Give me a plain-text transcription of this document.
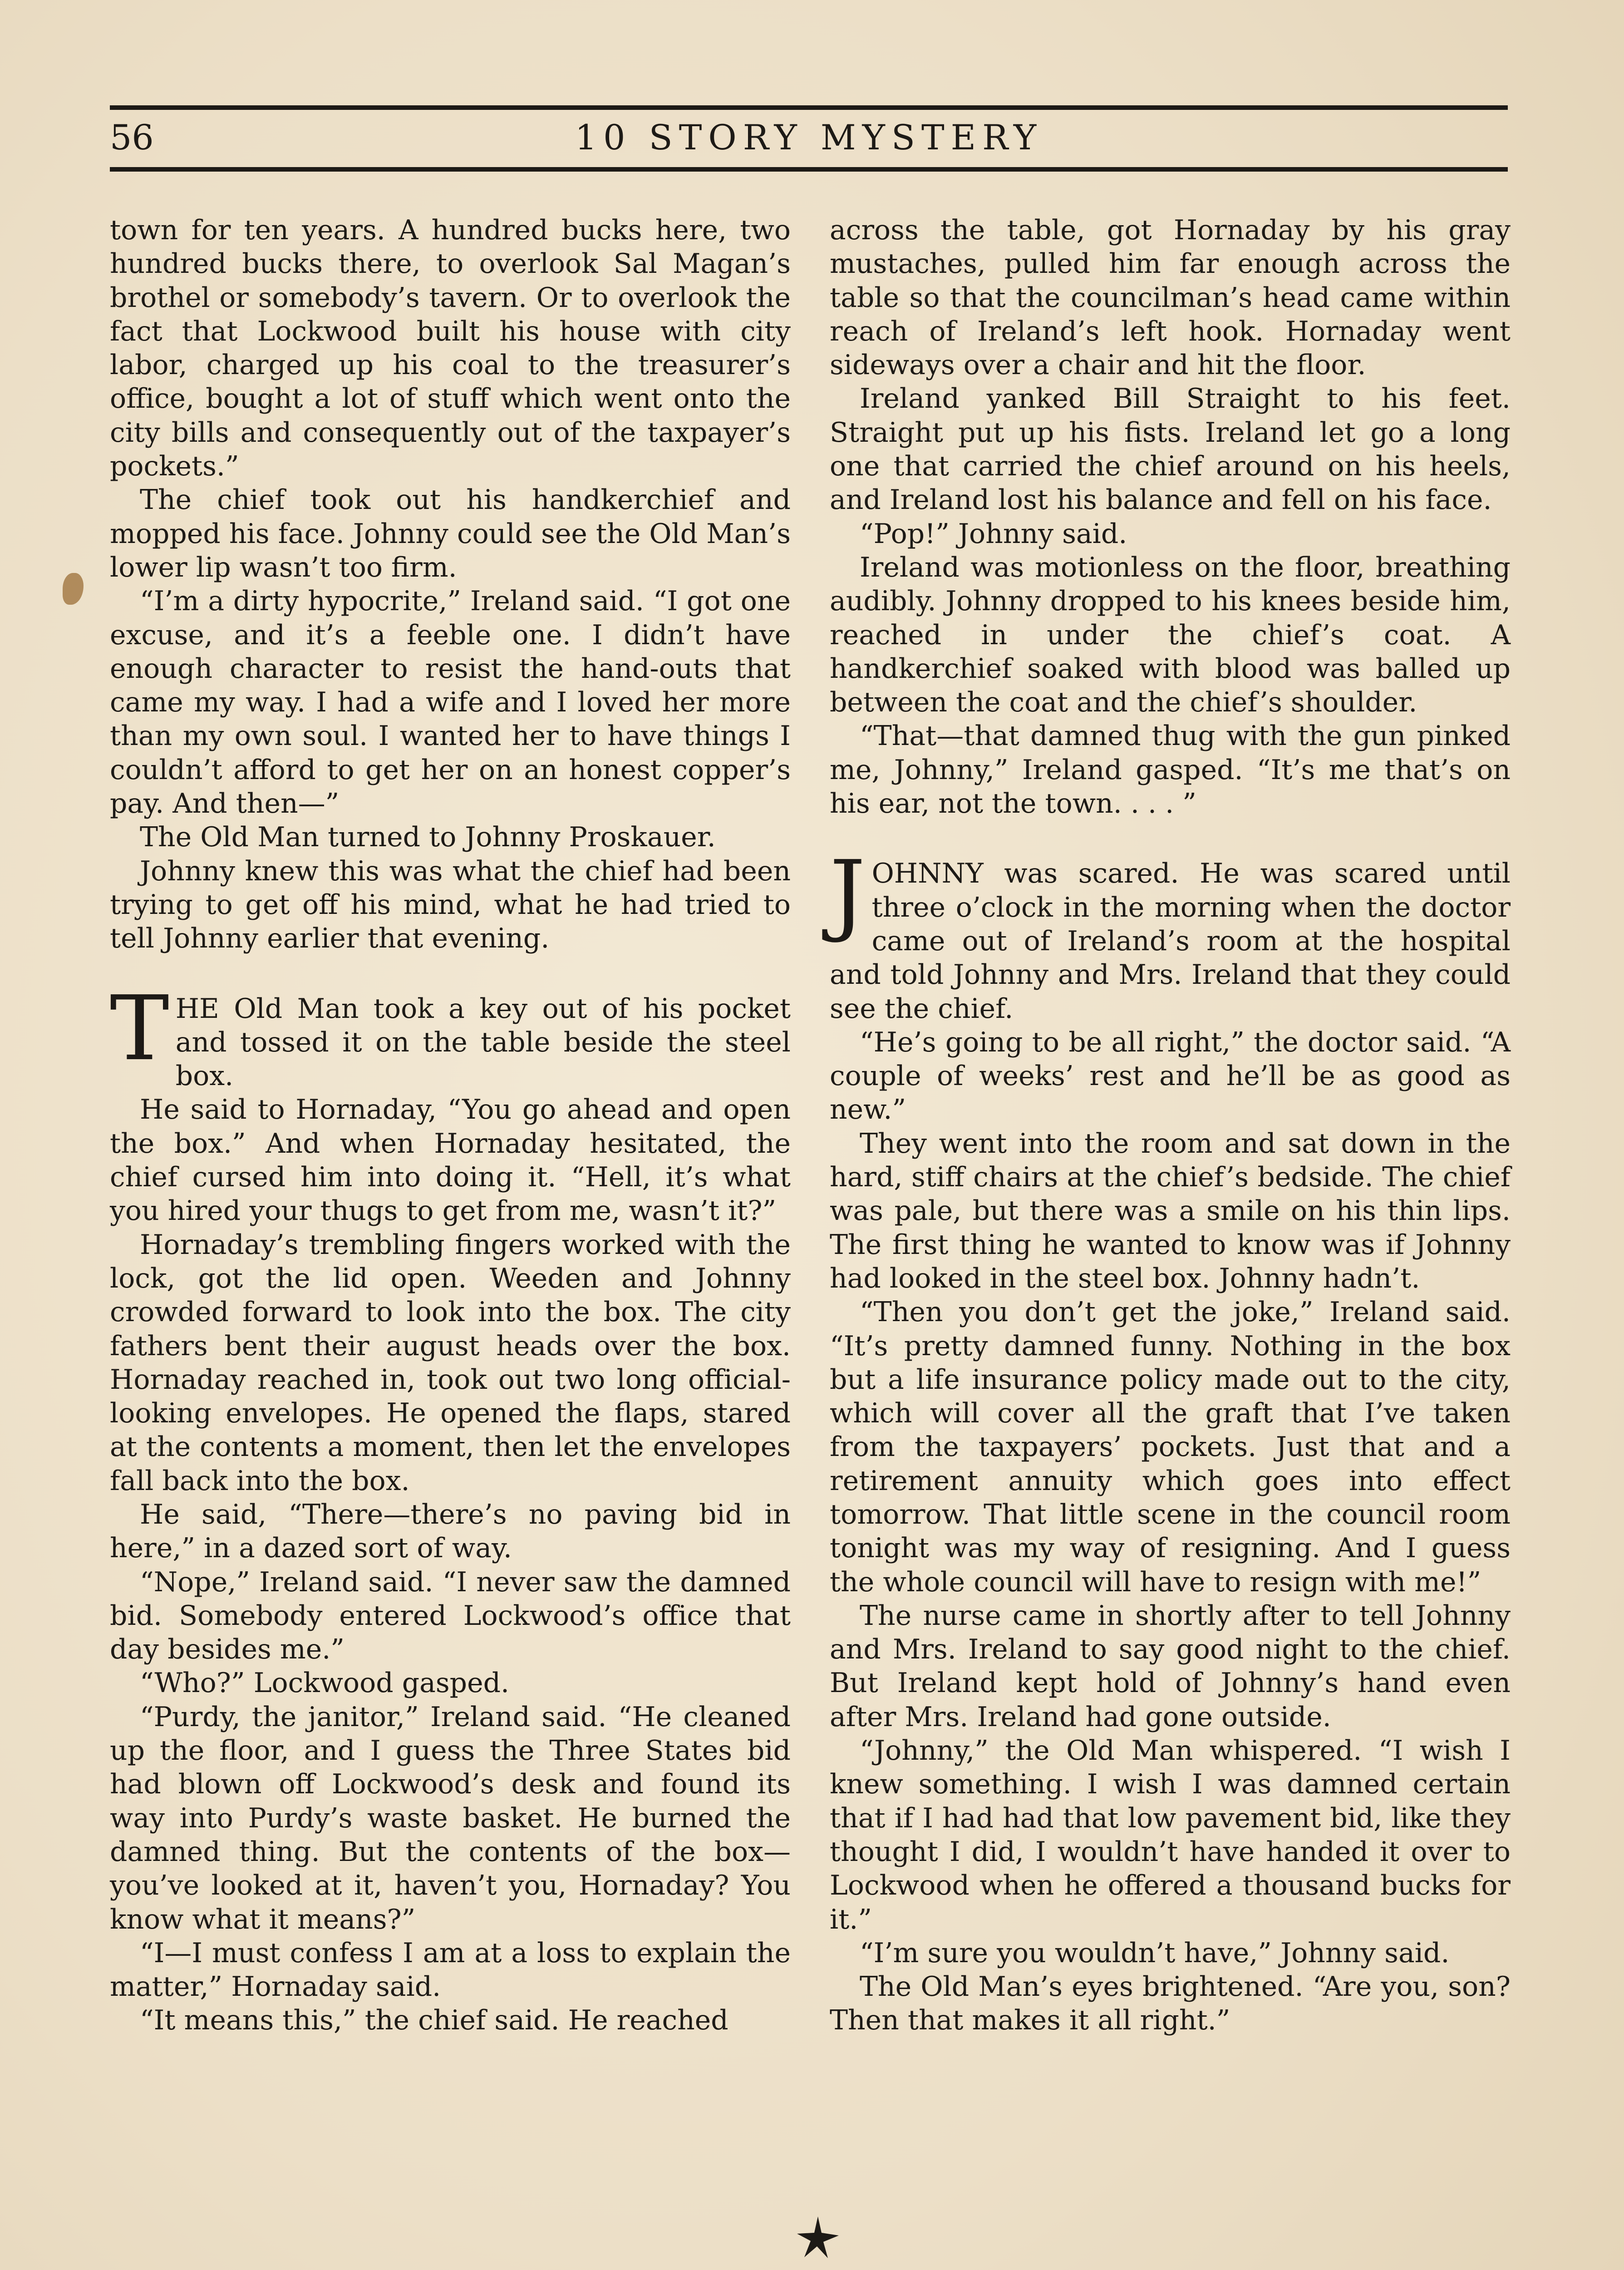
56	10 STORY MYSTERY

town for ten years. A hundred bucks here, two hundred bucks there, to overlook Sal Magan’s brothel or somebody’s tavern. Or to overlook the fact that Lockwood built his house with city labor, charged up his coal to the treasurer’s office, bought a lot of stuff which went onto the city bills and consequently out of the taxpayer’s pockets.”

The chief took out his handkerchief and mopped his face. Johnny could see the Old Man’s lower lip wasn’t too firm.

“I’m a dirty hypocrite,” Ireland said. “I got one excuse, and it’s a feeble one. I didn’t have enough character to resist the hand-outs that came my way. I had a wife and I loved her more than my own soul. I wanted her to have things I couldn’t afford to get her on an honest copper’s pay. And then—”

The Old Man turned to Johnny Proskauer.

Johnny knew this was what the chief had been trying to get off his mind, what he had tried to tell Johnny earlier that evening.

THE Old Man took a key out of his pocket and tossed it on the table beside the steel box.

He said to Hornaday, “You go ahead and open the box.” And when Hornaday hesitated, the chief cursed him into doing it. “Hell, it’s what you hired your thugs to get from me, wasn’t it?”

Hornaday’s trembling fingers worked with the lock, got the lid open. Weeden and Johnny crowded forward to look into the box. The city fathers bent their august heads over the box. Hornaday reached in, took out two long official-looking envelopes. He opened the flaps, stared at the contents a moment, then let the envelopes fall back into the box.

He said, “There—there’s no paving bid in here,” in a dazed sort of way.

“Nope,” Ireland said. “I never saw the damned bid. Somebody entered Lockwood’s office that day besides me.”

“Who?” Lockwood gasped.

“Purdy, the janitor,” Ireland said. “He cleaned up the floor, and I guess the Three States bid had blown off Lockwood’s desk and found its way into Purdy’s waste basket. He burned the damned thing. But the contents of the box—you’ve looked at it, haven’t you, Hornaday? You know what it means?”

“I—I must confess I am at a loss to explain the matter,” Hornaday said.

“It means this,” the chief said. He reached

across the table, got Hornaday by his gray mustaches, pulled him far enough across the table so that the councilman’s head came within reach of Ireland’s left hook. Hornaday went sideways over a chair and hit the floor.

Ireland yanked Bill Straight to his feet. Straight put up his fists. Ireland let go a long one that carried the chief around on his heels, and Ireland lost his balance and fell on his face.

“Pop!” Johnny said.

Ireland was motionless on the floor, breathing audibly. Johnny dropped to his knees beside him, reached in under the chief’s coat. A handkerchief soaked with blood was balled up between the coat and the chief’s shoulder.

“That—that damned thug with the gun pinked me, Johnny,” Ireland gasped. “It’s me that’s on his ear, not the town. . . . ”

JOHNNY was scared. He was scared until three o’clock in the morning when the doctor came out of Ireland’s room at the hospital and told Johnny and Mrs. Ireland that they could see the chief.

“He’s going to be all right,” the doctor said. “A couple of weeks’ rest and he’ll be as good as new.”

They went into the room and sat down in the hard, stiff chairs at the chief’s bedside. The chief was pale, but there was a smile on his thin lips. The first thing he wanted to know was if Johnny had looked in the steel box. Johnny hadn’t.

“Then you don’t get the joke,” Ireland said. “It’s pretty damned funny. Nothing in the box but a life insurance policy made out to the city, which will cover all the graft that I’ve taken from the taxpayers’ pockets. Just that and a retirement annuity which goes into effect tomorrow. That little scene in the council room tonight was my way of resigning. And I guess the whole council will have to resign with me!”

The nurse came in shortly after to tell Johnny and Mrs. Ireland to say good night to the chief. But Ireland kept hold of Johnny’s hand even after Mrs. Ireland had gone outside.

“Johnny,” the Old Man whispered. “I wish I knew something. I wish I was damned certain that if I had had that low pavement bid, like they thought I did, I wouldn’t have handed it over to Lockwood when he offered a thousand bucks for it.”

“I’m sure you wouldn’t have,” Johnny said.

The Old Man’s eyes brightened. “Are you, son? Then that makes it all right.”
